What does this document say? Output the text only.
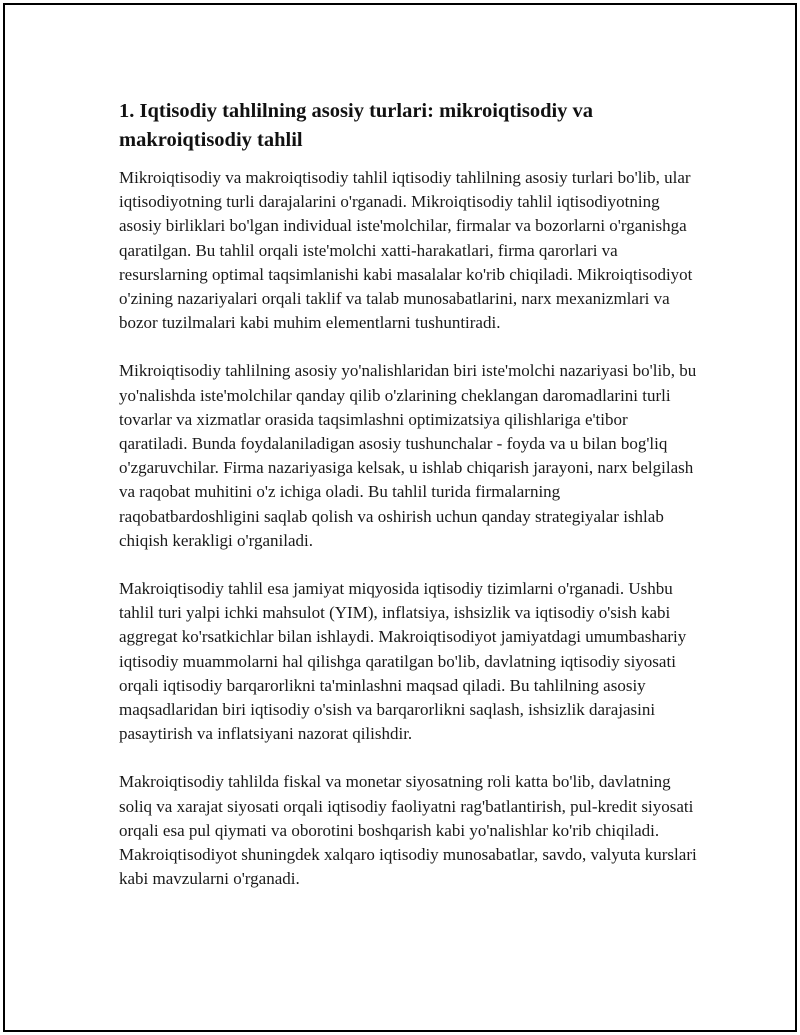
1. Iqtisodiy tahlilning asosiy turlari: mikroiqtisodiy va makroiqtisodiy tahlil

Mikroiqtisodiy va makroiqtisodiy tahlil iqtisodiy tahlilning asosiy turlari bo'lib, ular iqtisodiyotning turli darajalarini o'rganadi. Mikroiqtisodiy tahlil iqtisodiyotning asosiy birliklari bo'lgan individual iste'molchilar, firmalar va bozorlarni o'rganishga qaratilgan. Bu tahlil orqali iste'molchi xatti-harakatlari, firma qarorlari va resurslarning optimal taqsimlanishi kabi masalalar ko'rib chiqiladi. Mikroiqtisodiyot o'zining nazariyalari orqali taklif va talab munosabatlarini, narx mexanizmlari va bozor tuzilmalari kabi muhim elementlarni tushuntiradi.

Mikroiqtisodiy tahlilning asosiy yo'nalishlaridan biri iste'molchi nazariyasi bo'lib, bu yo'nalishda iste'molchilar qanday qilib o'zlarining cheklangan daromadlarini turli tovarlar va xizmatlar orasida taqsimlashni optimizatsiya qilishlariga e'tibor qaratiladi. Bunda foydalaniladigan asosiy tushunchalar - foyda va u bilan bog'liq o'zgaruvchilar. Firma nazariyasiga kelsak, u ishlab chiqarish jarayoni, narx belgilash va raqobat muhitini o'z ichiga oladi. Bu tahlil turida firmalarning raqobatbardoshligini saqlab qolish va oshirish uchun qanday strategiyalar ishlab chiqish kerakligi o'rganiladi.

Makroiqtisodiy tahlil esa jamiyat miqyosida iqtisodiy tizimlarni o'rganadi. Ushbu tahlil turi yalpi ichki mahsulot (YIM), inflatsiya, ishsizlik va iqtisodiy o'sish kabi aggregat ko'rsatkichlar bilan ishlaydi. Makroiqtisodiyot jamiyatdagi umumbashariy iqtisodiy muammolarni hal qilishga qaratilgan bo'lib, davlatning iqtisodiy siyosati orqali iqtisodiy barqarorlikni ta'minlashni maqsad qiladi. Bu tahlilning asosiy maqsadlaridan biri iqtisodiy o'sish va barqarorlikni saqlash, ishsizlik darajasini pasaytirish va inflatsiyani nazorat qilishdir.

Makroiqtisodiy tahlilda fiskal va monetar siyosatning roli katta bo'lib, davlatning soliq va xarajat siyosati orqali iqtisodiy faoliyatni rag'batlantirish, pul-kredit siyosati orqali esa pul qiymati va oborotini boshqarish kabi yo'nalishlar ko'rib chiqiladi. Makroiqtisodiyot shuningdek xalqaro iqtisodiy munosabatlar, savdo, valyuta kurslari kabi mavzularni o'rganadi.
